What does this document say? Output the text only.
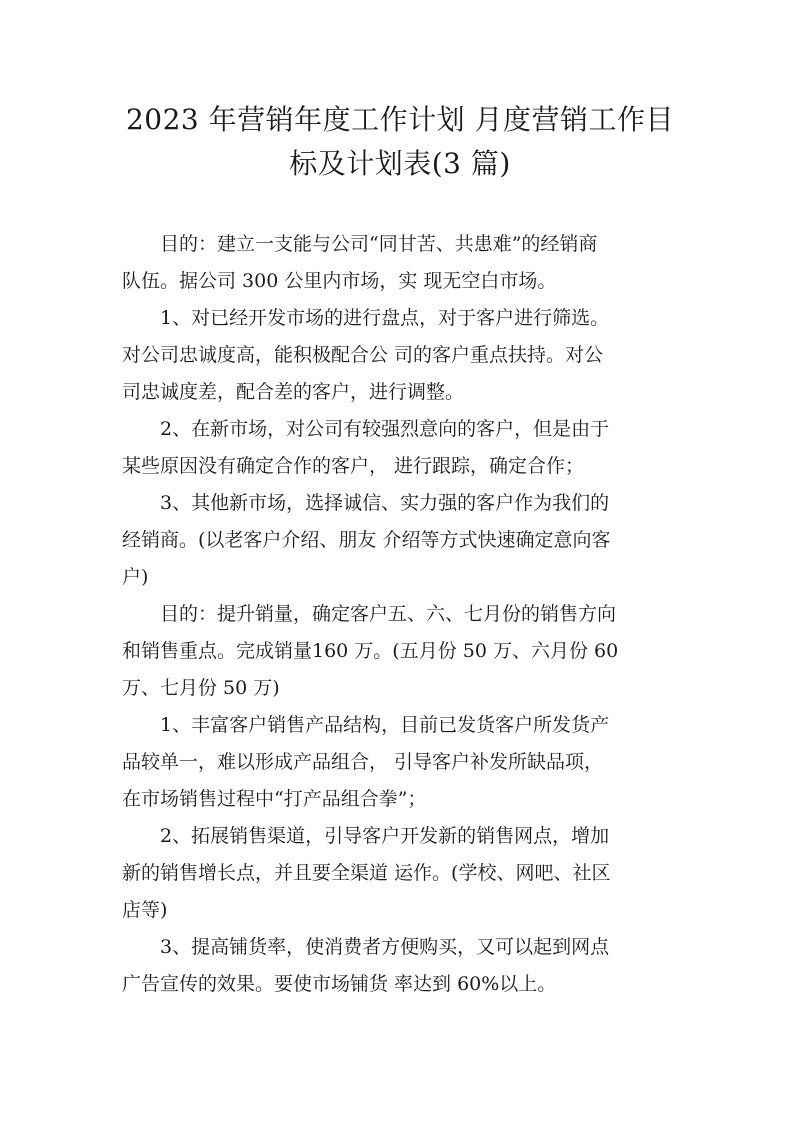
2023 年营销年度工作计划 月度营销工作目
标及计划表(3 篇)

目的：建立一支能与公司“同甘苦、共患难”的经销商
队伍。据公司 300 公里内市场，实 现无空白市场。

1、对已经开发市场的进行盘点，对于客户进行筛选。
对公司忠诚度高，能积极配合公 司的客户重点扶持。对公
司忠诚度差，配合差的客户，进行调整。

2、在新市场，对公司有较强烈意向的客户，但是由于
某些原因没有确定合作的客户， 进行跟踪，确定合作；

3、其他新市场，选择诚信、实力强的客户作为我们的
经销商。(以老客户介绍、朋友 介绍等方式快速确定意向客
户)

目的：提升销量，确定客户五、六、七月份的销售方向
和销售重点。完成销量160 万。(五月份 50 万、六月份 60
万、七月份 50 万)

1、丰富客户销售产品结构，目前已发货客户所发货产
品较单一，难以形成产品组合， 引导客户补发所缺品项，
在市场销售过程中“打产品组合拳”；

2、拓展销售渠道，引导客户开发新的销售网点，增加
新的销售增长点，并且要全渠道 运作。(学校、网吧、社区
店等)

3、提高铺货率，使消费者方便购买，又可以起到网点
广告宣传的效果。要使市场铺货 率达到 60%以上。
